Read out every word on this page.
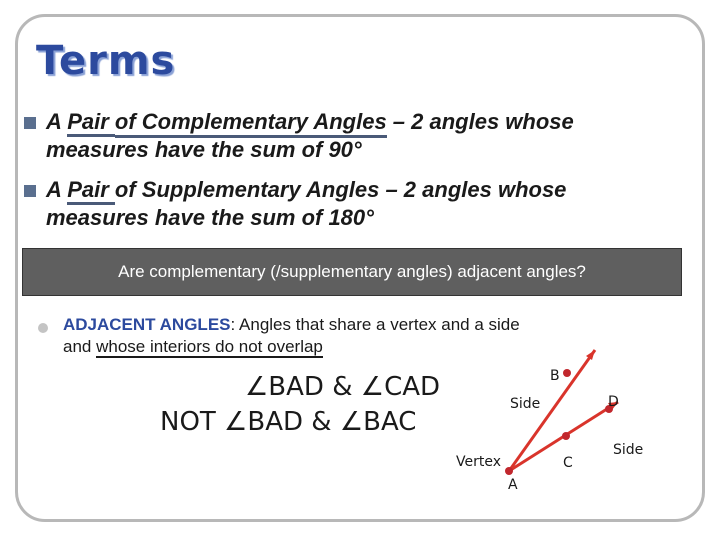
Terms
A Pair of Complementary Angles – 2 angles whose
measures have the sum of 90°
A Pair of Supplementary Angles – 2 angles whose
measures have the sum of 180°
Are complementary (/supplementary angles) adjacent angles?
ADJACENT ANGLES: Angles that share a vertex and a side
and whose interiors do not overlap
∠BAD & ∠CAD
NOT ∠BAD & ∠BAC
B
D
C
A
Side
Side
Vertex
